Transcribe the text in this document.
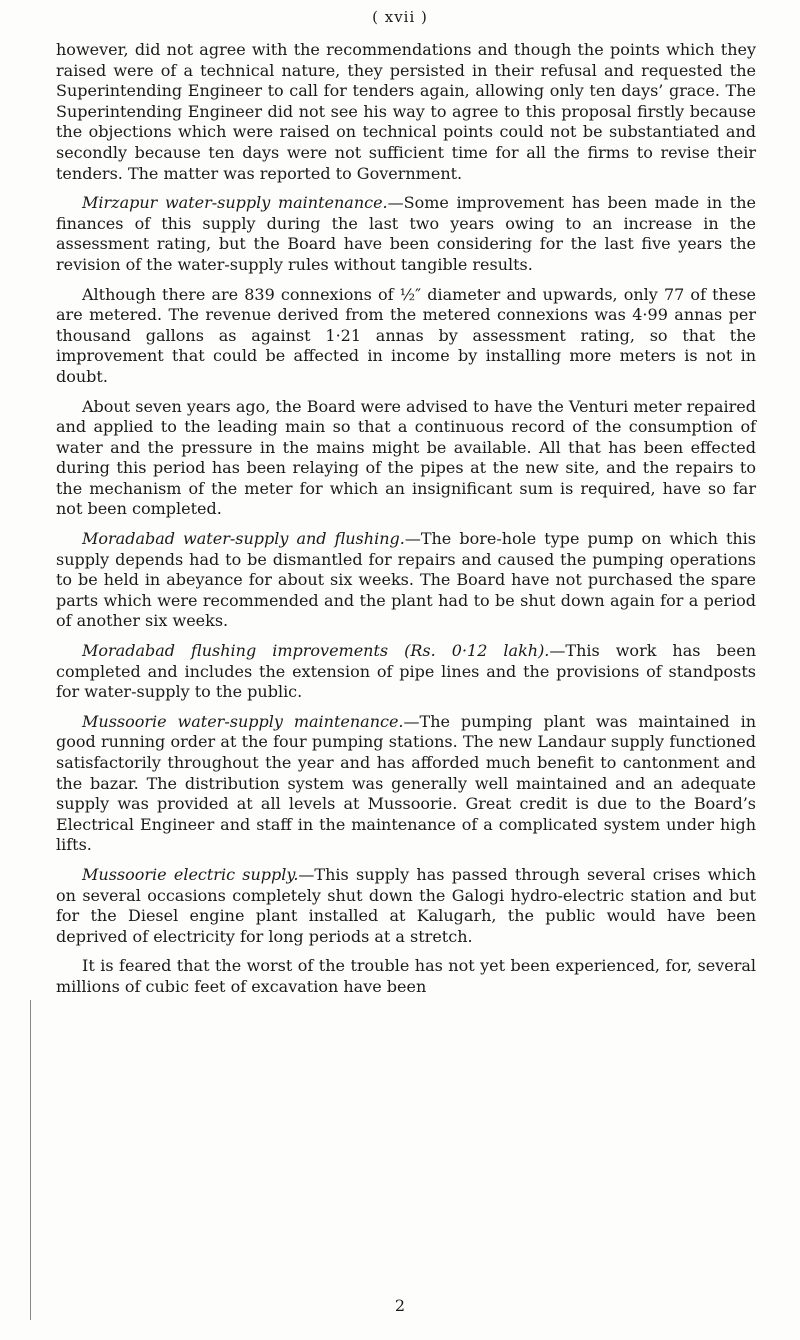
( xvii )

however, did not agree with the recommendations and though the points which they raised were of a technical nature, they persisted in their refusal and requested the Superintending Engineer to call for tenders again, allowing only ten days’ grace. The Superintending Engineer did not see his way to agree to this proposal firstly because the objections which were raised on technical points could not be substantiated and secondly because ten days were not sufficient time for all the firms to revise their tenders. The matter was reported to Government.

Mirzapur water-supply maintenance.—Some improvement has been made in the finances of this supply during the last two years owing to an increase in the assessment rating, but the Board have been considering for the last five years the revision of the water-supply rules without tangible results.

Although there are 839 connexions of ½″ diameter and upwards, only 77 of these are metered. The revenue derived from the metered connexions was 4·99 annas per thousand gallons as against 1·21 annas by assessment rating, so that the improvement that could be affected in income by installing more meters is not in doubt.

About seven years ago, the Board were advised to have the Venturi meter repaired and applied to the leading main so that a continuous record of the consumption of water and the pressure in the mains might be available. All that has been effected during this period has been relaying of the pipes at the new site, and the repairs to the mechanism of the meter for which an insignificant sum is required, have so far not been completed.

Moradabad water-supply and flushing.—The bore-hole type pump on which this supply depends had to be dismantled for repairs and caused the pumping operations to be held in abeyance for about six weeks. The Board have not purchased the spare parts which were recommended and the plant had to be shut down again for a period of another six weeks.

Moradabad flushing improvements (Rs. 0·12 lakh).—This work has been completed and includes the extension of pipe lines and the provisions of standposts for water-supply to the public.

Mussoorie water-supply maintenance.—The pumping plant was maintained in good running order at the four pumping stations. The new Landaur supply functioned satisfactorily throughout the year and has afforded much benefit to cantonment and the bazar. The distribution system was generally well maintained and an adequate supply was provided at all levels at Mussoorie. Great credit is due to the Board’s Electrical Engineer and staff in the maintenance of a complicated system under high lifts.

Mussoorie electric supply.—This supply has passed through several crises which on several occasions completely shut down the Galogi hydro-electric station and but for the Diesel engine plant installed at Kalugarh, the public would have been deprived of electricity for long periods at a stretch.

It is feared that the worst of the trouble has not yet been experienced, for, several millions of cubic feet of excavation have been

2
